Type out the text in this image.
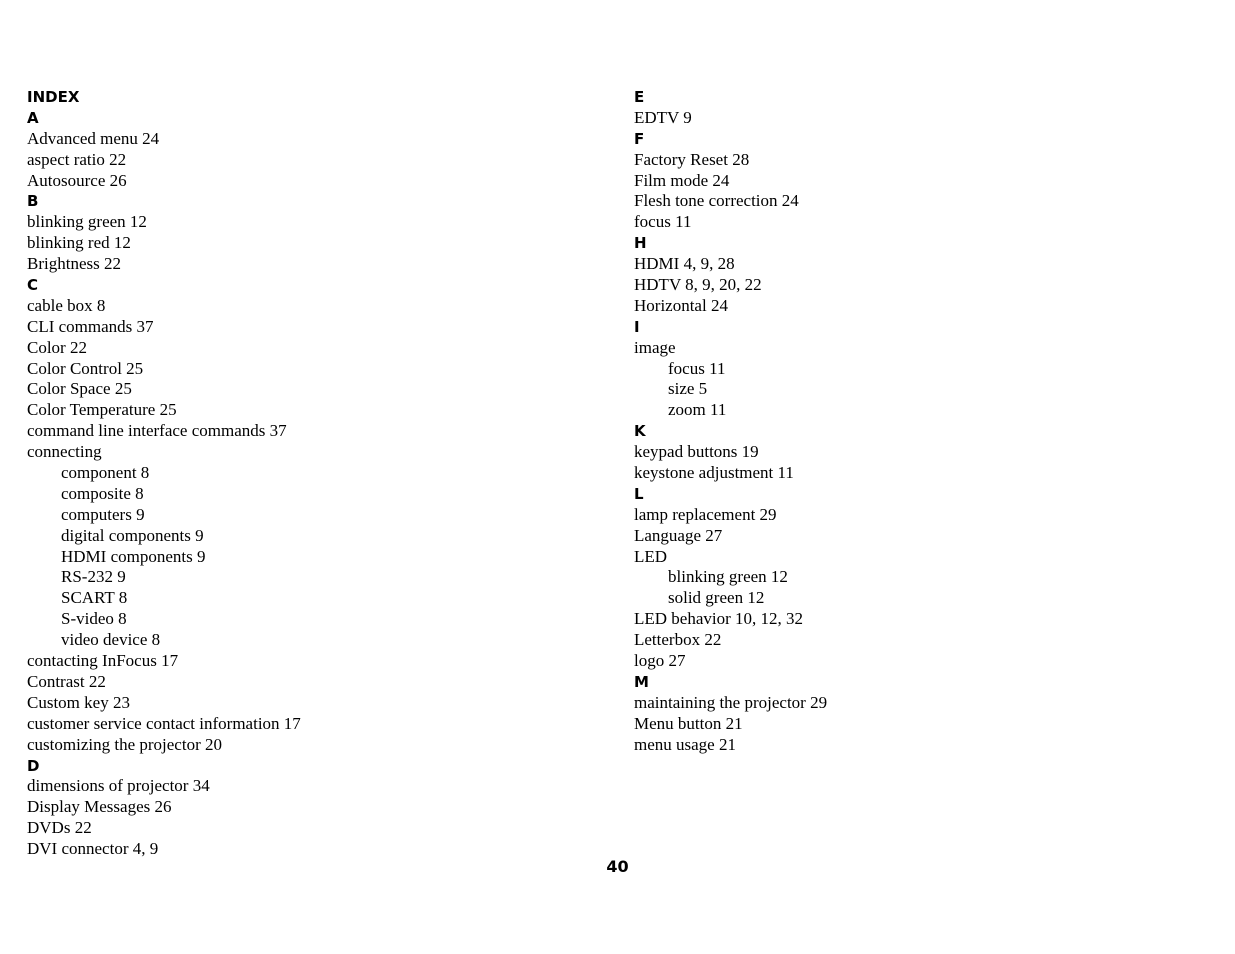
INDEX
A
Advanced menu 24
aspect ratio 22
Autosource 26
B
blinking green 12
blinking red 12
Brightness 22
C
cable box 8
CLI commands 37
Color 22
Color Control 25
Color Space 25
Color Temperature 25
command line interface commands 37
connecting
component 8
composite 8
computers 9
digital components 9
HDMI components 9
RS-232 9
SCART 8
S-video 8
video device 8
contacting InFocus 17
Contrast 22
Custom key 23
customer service contact information 17
customizing the projector 20
D
dimensions of projector 34
Display Messages 26
DVDs 22
DVI connector 4, 9
E
EDTV 9
F
Factory Reset 28
Film mode 24
Flesh tone correction 24
focus 11
H
HDMI 4, 9, 28
HDTV 8, 9, 20, 22
Horizontal 24
I
image
focus 11
size 5
zoom 11
K
keypad buttons 19
keystone adjustment 11
L
lamp replacement 29
Language 27
LED
blinking green 12
solid green 12
LED behavior 10, 12, 32
Letterbox 22
logo 27
M
maintaining the projector 29
Menu button 21
menu usage 21
40
